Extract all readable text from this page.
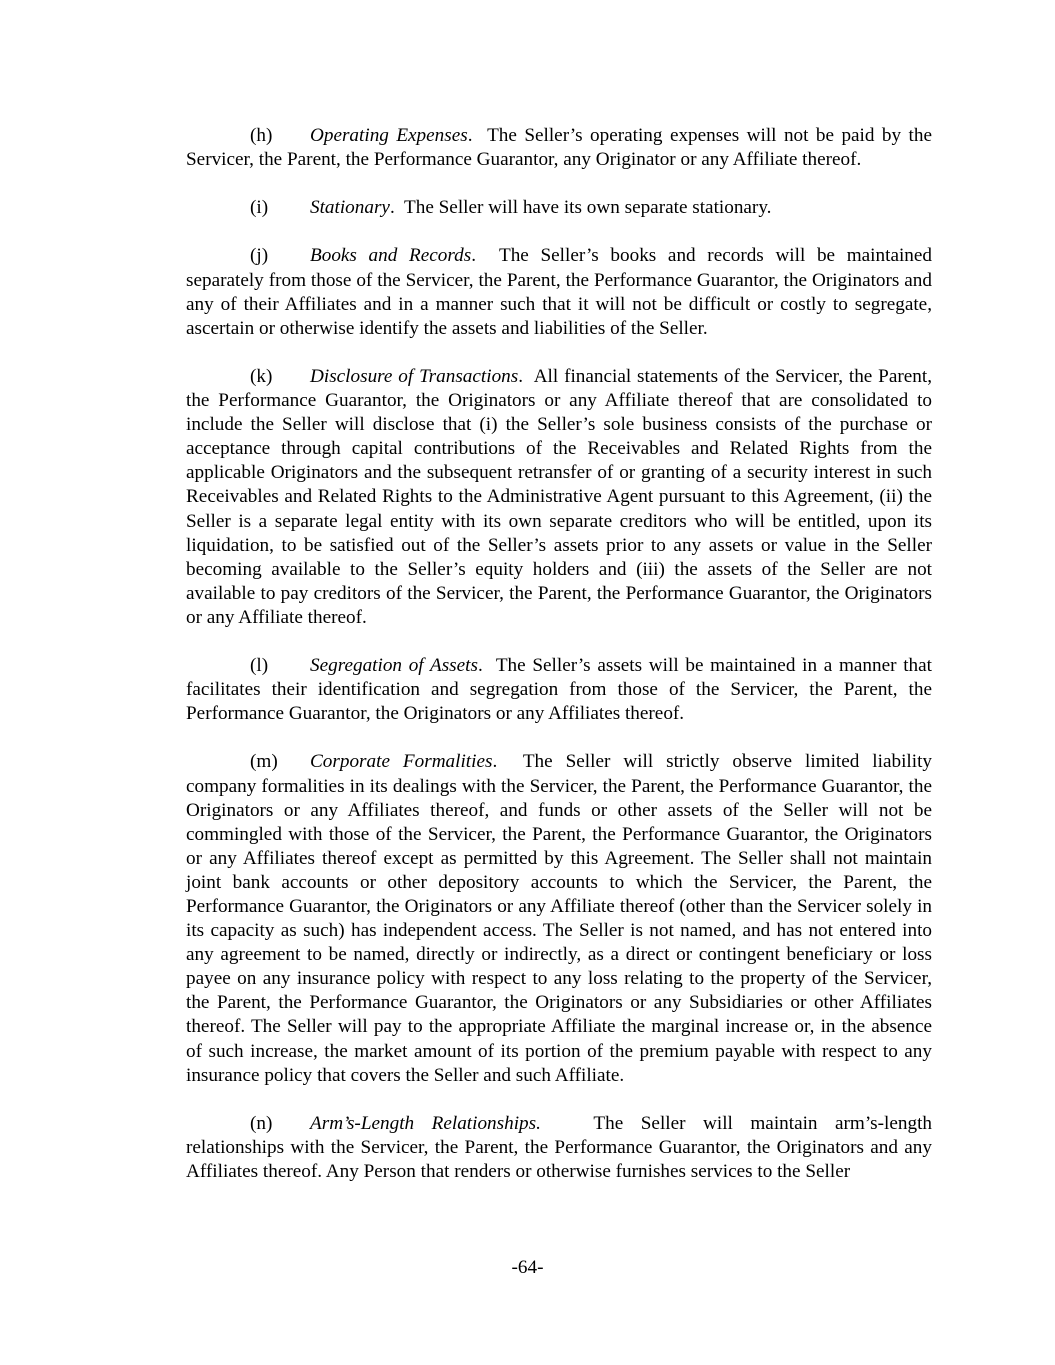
(h) Operating Expenses. The Seller’s operating expenses will not be paid by the Servicer, the Parent, the Performance Guarantor, any Originator or any Affiliate thereof.

(i) Stationary. The Seller will have its own separate stationary.

(j) Books and Records. The Seller’s books and records will be maintained separately from those of the Servicer, the Parent, the Performance Guarantor, the Originators and any of their Affiliates and in a manner such that it will not be difficult or costly to segregate, ascertain or otherwise identify the assets and liabilities of the Seller.

(k) Disclosure of Transactions. All financial statements of the Servicer, the Parent, the Performance Guarantor, the Originators or any Affiliate thereof that are consolidated to include the Seller will disclose that (i) the Seller’s sole business consists of the purchase or acceptance through capital contributions of the Receivables and Related Rights from the applicable Originators and the subsequent retransfer of or granting of a security interest in such Receivables and Related Rights to the Administrative Agent pursuant to this Agreement, (ii) the Seller is a separate legal entity with its own separate creditors who will be entitled, upon its liquidation, to be satisfied out of the Seller’s assets prior to any assets or value in the Seller becoming available to the Seller’s equity holders and (iii) the assets of the Seller are not available to pay creditors of the Servicer, the Parent, the Performance Guarantor, the Originators or any Affiliate thereof.

(l) Segregation of Assets. The Seller’s assets will be maintained in a manner that facilitates their identification and segregation from those of the Servicer, the Parent, the Performance Guarantor, the Originators or any Affiliates thereof.

(m) Corporate Formalities. The Seller will strictly observe limited liability company formalities in its dealings with the Servicer, the Parent, the Performance Guarantor, the Originators or any Affiliates thereof, and funds or other assets of the Seller will not be commingled with those of the Servicer, the Parent, the Performance Guarantor, the Originators or any Affiliates thereof except as permitted by this Agreement. The Seller shall not maintain joint bank accounts or other depository accounts to which the Servicer, the Parent, the Performance Guarantor, the Originators or any Affiliate thereof (other than the Servicer solely in its capacity as such) has independent access. The Seller is not named, and has not entered into any agreement to be named, directly or indirectly, as a direct or contingent beneficiary or loss payee on any insurance policy with respect to any loss relating to the property of the Servicer, the Parent, the Performance Guarantor, the Originators or any Subsidiaries or other Affiliates thereof. The Seller will pay to the appropriate Affiliate the marginal increase or, in the absence of such increase, the market amount of its portion of the premium payable with respect to any insurance policy that covers the Seller and such Affiliate.

(n) Arm’s-Length Relationships.	The Seller will maintain arm’s-length relationships with the Servicer, the Parent, the Performance Guarantor, the Originators and any Affiliates thereof. Any Person that renders or otherwise furnishes services to the Seller

-64-
